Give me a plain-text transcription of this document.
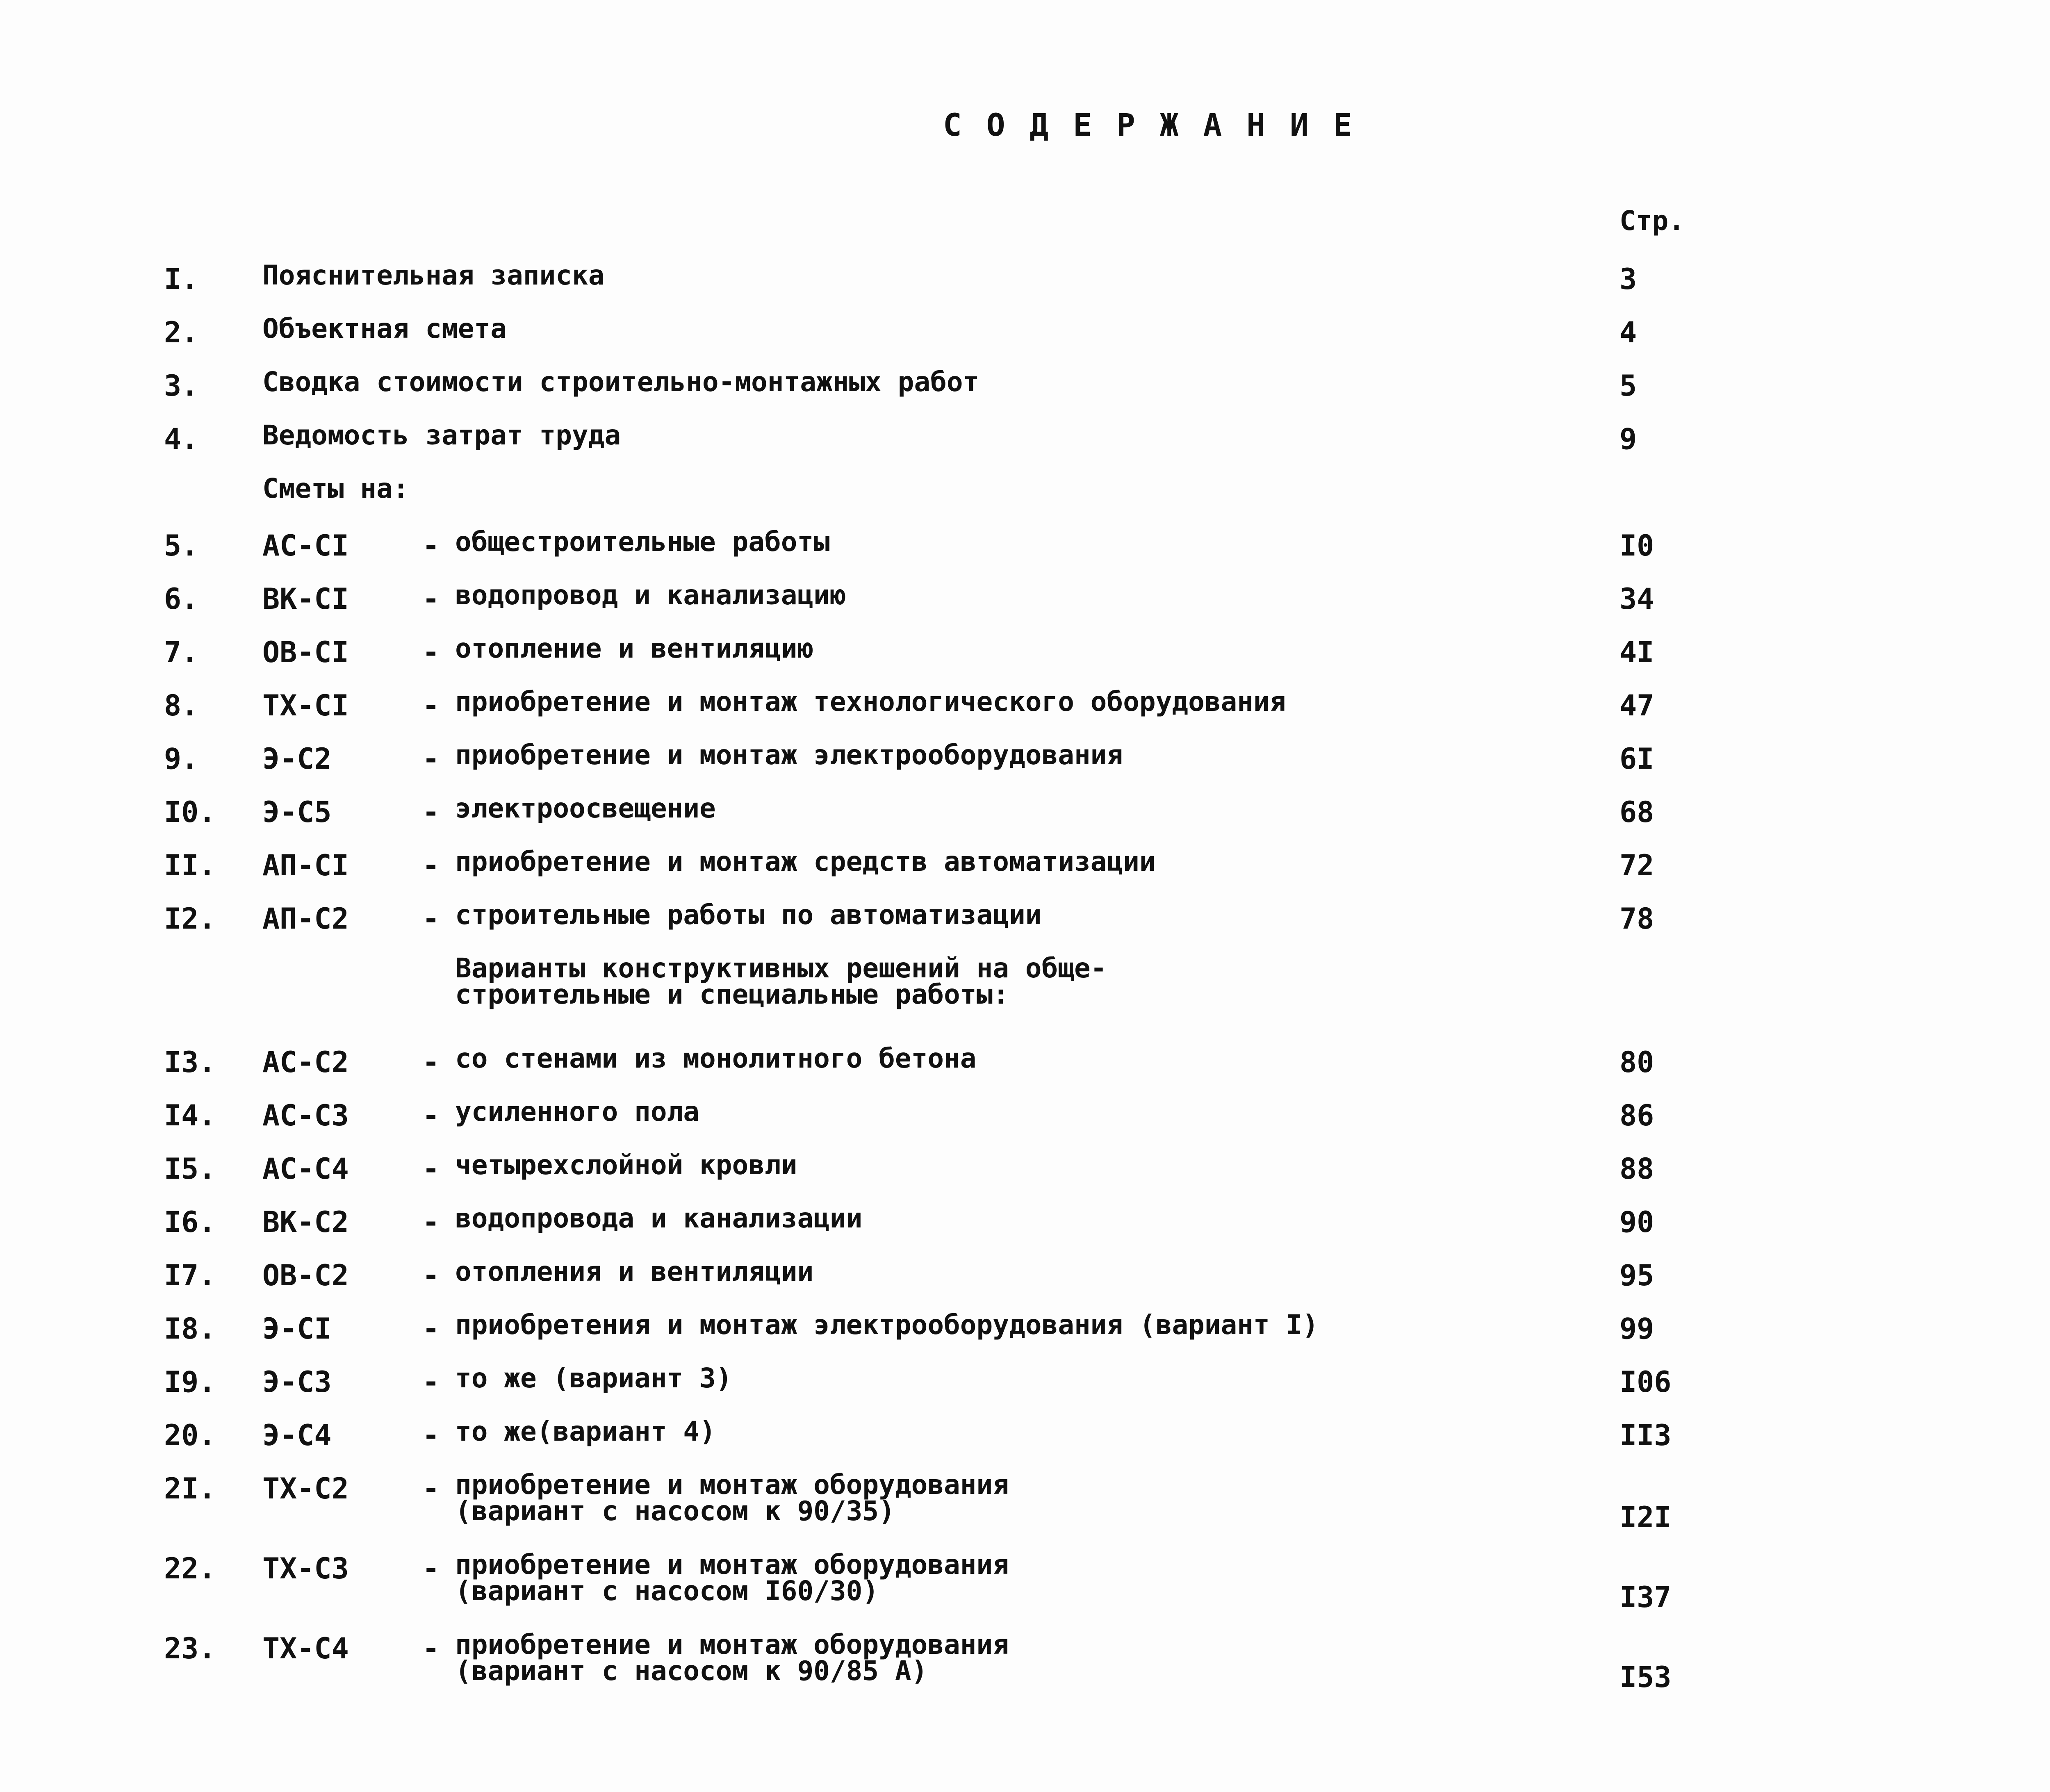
СОДЕРЖАНИЕ
Стр.
I. Пояснительная записка	3
2. Объектная смета	4
3. Сводка стоимости строительно-монтажных работ	5
4. Ведомость затрат труда	9
Сметы на:
5. АС-СI	- общестроительные работы	I0
6. ВК-СI	- водопровод и канализацию	34
7. ОВ-СI	- отопление и вентиляцию	4I
8. ТХ-СI	- приобретение и монтаж технологического оборудования	47
9. Э-С2	- приобретение и монтаж электрооборудования	6I
I0. Э-С5	- электроосвещение	68
II. АП-СI	- приобретение и монтаж средств автоматизации	72
I2. АП-С2	- строительные работы по автоматизации	78
Варианты конструктивных решений на обще-
строительные и специальные работы:
I3. АС-С2	- со стенами из монолитного бетона	80
I4. АС-С3	- усиленного пола	86
I5. АС-С4	- четырехслойной кровли	88
I6. ВК-С2	- водопровода и канализации	90
I7. ОВ-С2	- отопления и вентиляции	95
I8. Э-СI	- приобретения и монтаж электрооборудования (вариант I)	99
I9. Э-С3	- то же (вариант 3)	I06
20. Э-С4	- то же(вариант 4)	II3
2I. ТХ-С2	- приобретение и монтаж оборудования
(вариант с насосом к 90/35)	I2I
22. ТХ-С3	- приобретение и монтаж оборудования
(вариант с насосом I60/30)	I37
23. ТХ-С4	- приобретение и монтаж оборудования
(вариант с насосом к 90/85 А)	I53
